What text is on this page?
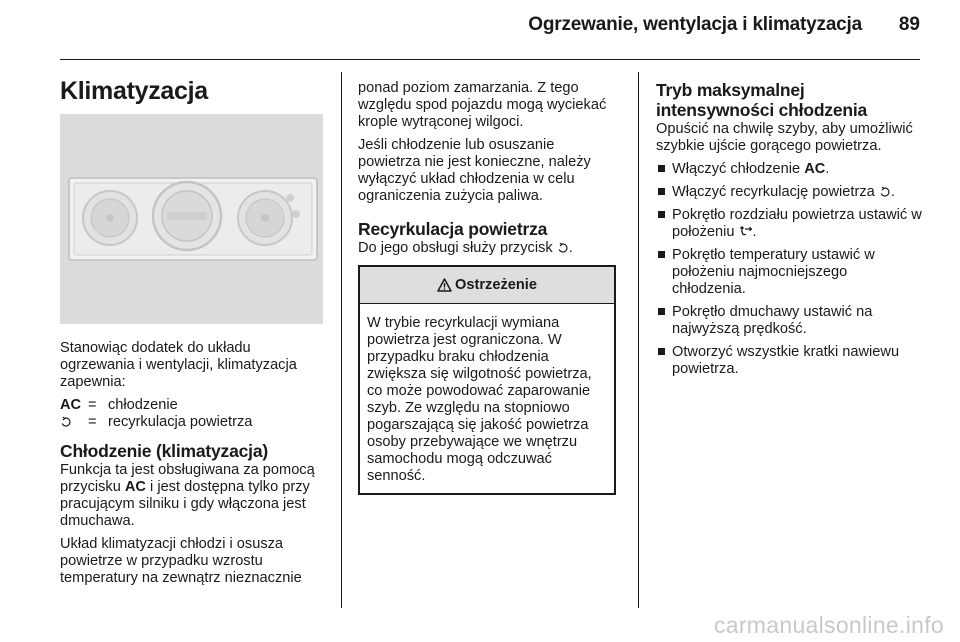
Ogrzewanie, wentylacja i klimatyzacja	89
Klimatyzacja

Stanowiąc dodatek do układu ogrzewania i wentylacji, klimatyzacja zapewnia:

AC = chłodzenie
= recyrkulacja powietrza
Chłodzenie (klimatyzacja)

Funkcja ta jest obsługiwana za pomocą przycisku AC i jest dostępna tylko przy pracującym silniku i gdy włączona jest dmuchawa.

Układ klimatyzacji chłodzi i osusza powietrze w przypadku wzrostu temperatury na zewnątrz nieznacznie

ponad poziom zamarzania. Z tego względu spod pojazdu mogą wyciekać krople wytrąconej wilgoci.

Jeśli chłodzenie lub osuszanie powietrza nie jest konieczne, należy wyłączyć układ chłodzenia w celu ograniczenia zużycia paliwa.

Recyrkulacja powietrza

Do jego obsługi służy przycisk .

Ostrzeżenie
W trybie recyrkulacji wymiana powietrza jest ograniczona. W przypadku braku chłodzenia zwiększa się wilgotność powietrza, co może powodować zaparowanie szyb. Ze względu na stopniowo pogarszającą się jakość powietrza osoby przebywające we wnętrzu samochodu mogą odczuwać senność.
Tryb maksymalnej intensywności chłodzenia

Opuścić na chwilę szyby, aby umożliwić szybkie ujście gorącego powietrza.

Włączyć chłodzenie AC.
Włączyć recyrkulację powietrza .
Pokrętło rozdziału powietrza ustawić w położeniu .
Pokrętło temperatury ustawić w położeniu najmocniejszego chłodzenia.
Pokrętło dmuchawy ustawić na najwyższą prędkość.
Otworzyć wszystkie kratki nawiewu powietrza.
carmanualsonline.info
